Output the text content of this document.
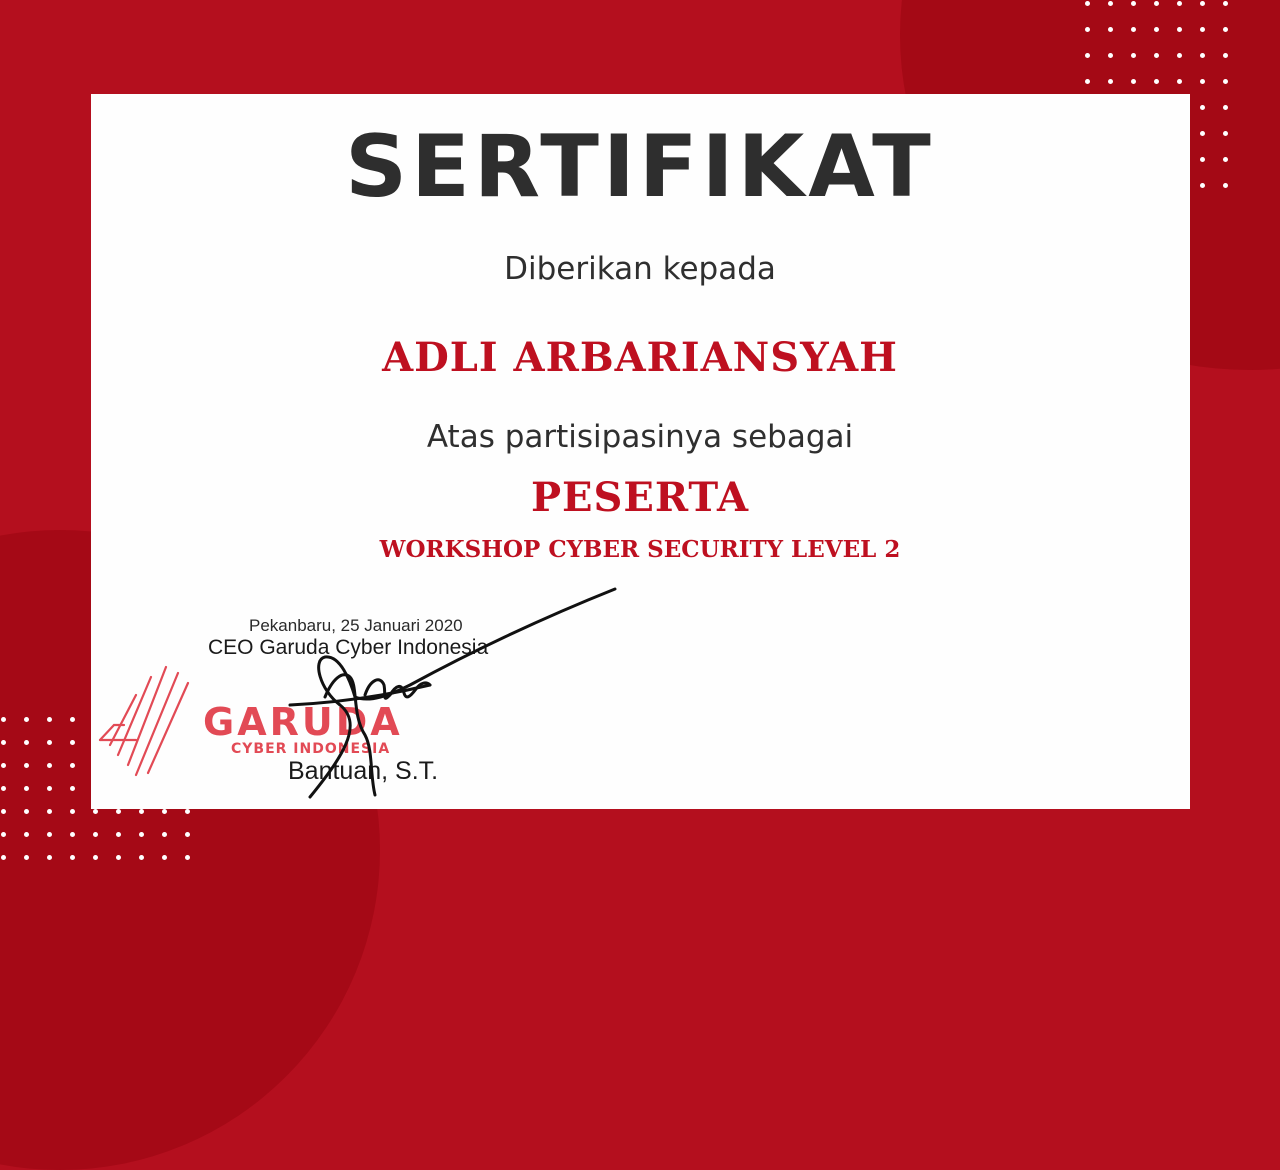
SERTIFIKAT

Diberikan kepada

ADLI ARBARIANSYAH

Atas partisipasinya sebagai

PESERTA

WORKSHOP CYBER SECURITY LEVEL 2

Pekanbaru, 25 Januari 2020

CEO Garuda Cyber Indonesia

GARUDA

CYBER INDONESIA

Bantuan, S.T.
